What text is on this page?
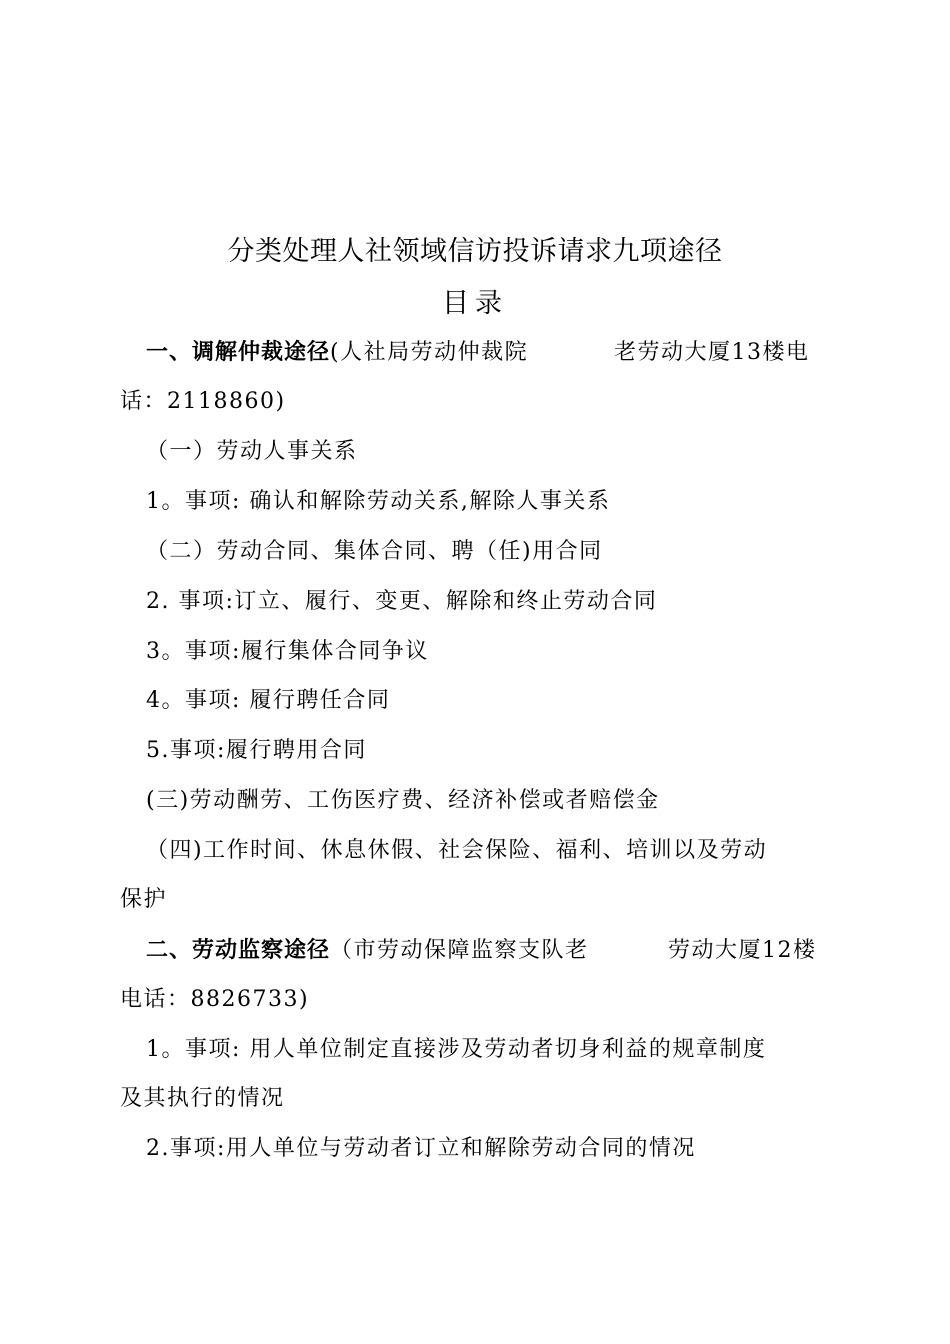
分类处理人社领域信访投诉请求九项途径
目录
一、调解仲裁途径(人社局劳动仲裁院	老劳动大厦13楼电
话：2118860)
（一）劳动人事关系
1。事项: 确认和解除劳动关系,解除人事关系
（二）劳动合同、集体合同、聘（任)用合同
2. 事项:订立、履行、变更、解除和终止劳动合同
3。事项:履行集体合同争议
4。事项: 履行聘任合同
5.事项:履行聘用合同
(三)劳动酬劳、工伤医疗费、经济补偿或者赔偿金
（四)工作时间、休息休假、社会保险、福利、培训以及劳动
保护
二、劳动监察途径（市劳动保障监察支队老	劳动大厦12楼
电话：8826733)
1。事项: 用人单位制定直接涉及劳动者切身利益的规章制度
及其执行的情况
2.事项:用人单位与劳动者订立和解除劳动合同的情况
